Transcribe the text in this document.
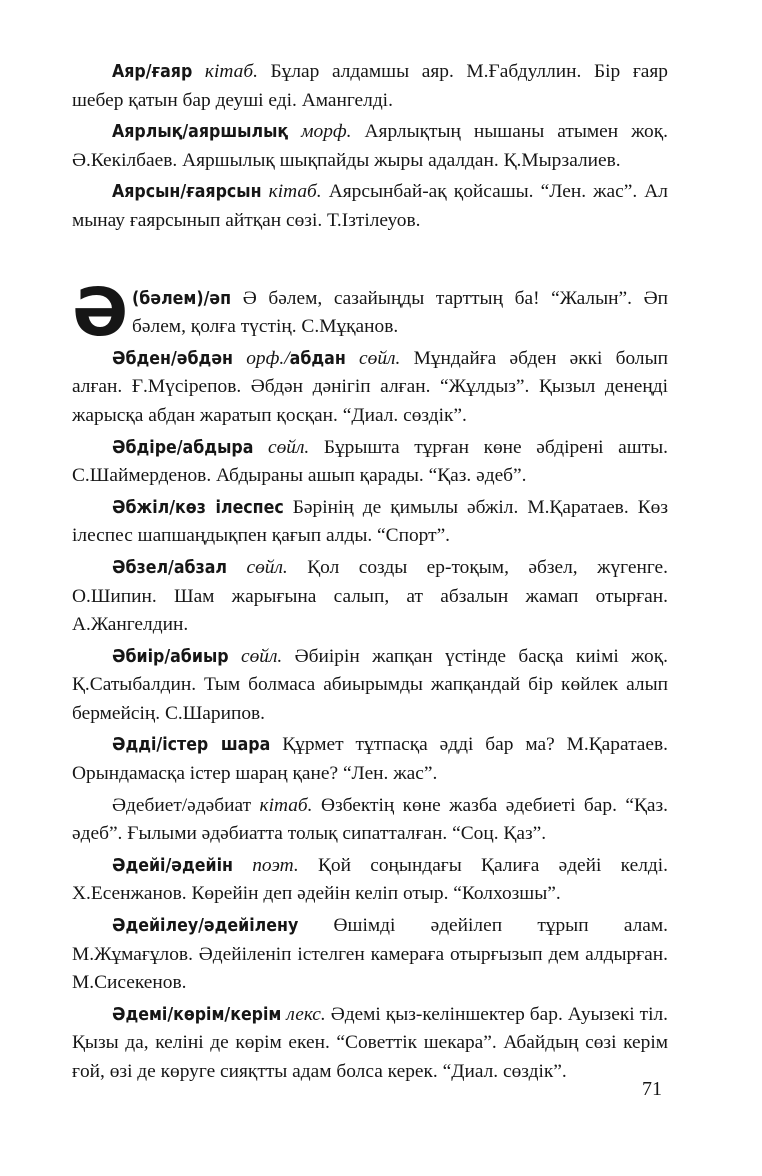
Аяр/ғаяр кітаб. Бұлар алдамшы аяр. М.Ғабдуллин. Бір ғаяр шебер қатын бар деуші еді. Амангелді.

Аярлық/аяршылық морф. Аярлықтың нышаны атымен жоқ. Ә.Кекілбаев. Аяршылық шықпайды жыры адалдан. Қ.Мырзалиев.

Аярсын/ғаярсын кітаб. Аярсынбай-ақ қойсашы. “Лен. жас”. Ал мынау ғаярсынып айтқан сөзі. Т.Ізтілеуов.

Ә (бәлем)/әп Ә бәлем, сазайыңды тарттың ба! “Жалын”. Әп бәлем, қолға түстің. С.Мұқанов.

Әбден/әбдән орф./абдан сөйл. Мұндайға әбден әккі болып алған. Ғ.Мүсірепов. Әбдән дәнігіп алған. “Жұлдыз”. Қызыл денеңді жарысқа абдан жаратып қосқан. “Диал. сөздік”.

Әбдіре/абдыра сөйл. Бұрышта тұрған көне әбдірені ашты. С.Шаймерденов. Абдыраны ашып қарады. “Қаз. әдеб”.

Әбжіл/көз ілеспес Бәрінің де қимылы әбжіл. М.Қаратаев. Көз ілеспес шапшаңдықпен қағып алды. “Спорт”.

Әбзел/абзал сөйл. Қол созды ер-тоқым, әбзел, жүгенге. О.Шипин. Шам жарығына салып, ат абзалын жамап отырған. А.Жангелдин.

Әбиір/абиыр сөйл. Әбиірін жапқан үстінде басқа киімі жоқ. Қ.Сатыбалдин. Тым болмаса абиырымды жапқандай бір көйлек алып бермейсің. С.Шарипов.

Әдді/істер шара Құрмет тұтпасқа әдді бар ма? М.Қаратаев. Орындамасқа істер шараң қане? “Лен. жас”.

Әдебиет/әдәбиат кітаб. Өзбектің көне жазба әдебиеті бар. “Қаз. әдеб”. Ғылыми әдәбиатта толық сипатталған. “Соц. Қаз”.

Әдейі/әдейін поэт. Қой соңындағы Қалиға әдейі келді. Х.Есенжанов. Көрейін деп әдейін келіп отыр. “Колхозшы”.

Әдейілеу/әдейілену Өшімді әдейілеп тұрып алам. М.Жұмағұлов. Әдейіленіп істелген камераға отырғызып дем алдырған. М.Сисекенов.

Әдемі/көрім/керім лекс. Әдемі қыз-келіншектер бар. Ауызекі тіл. Қызы да, келіні де көрім екен. “Советтік шекара”. Абайдың сөзі керім ғой, өзі де көруге сияқтты адам болса керек. “Диал. сөздік”.

71
